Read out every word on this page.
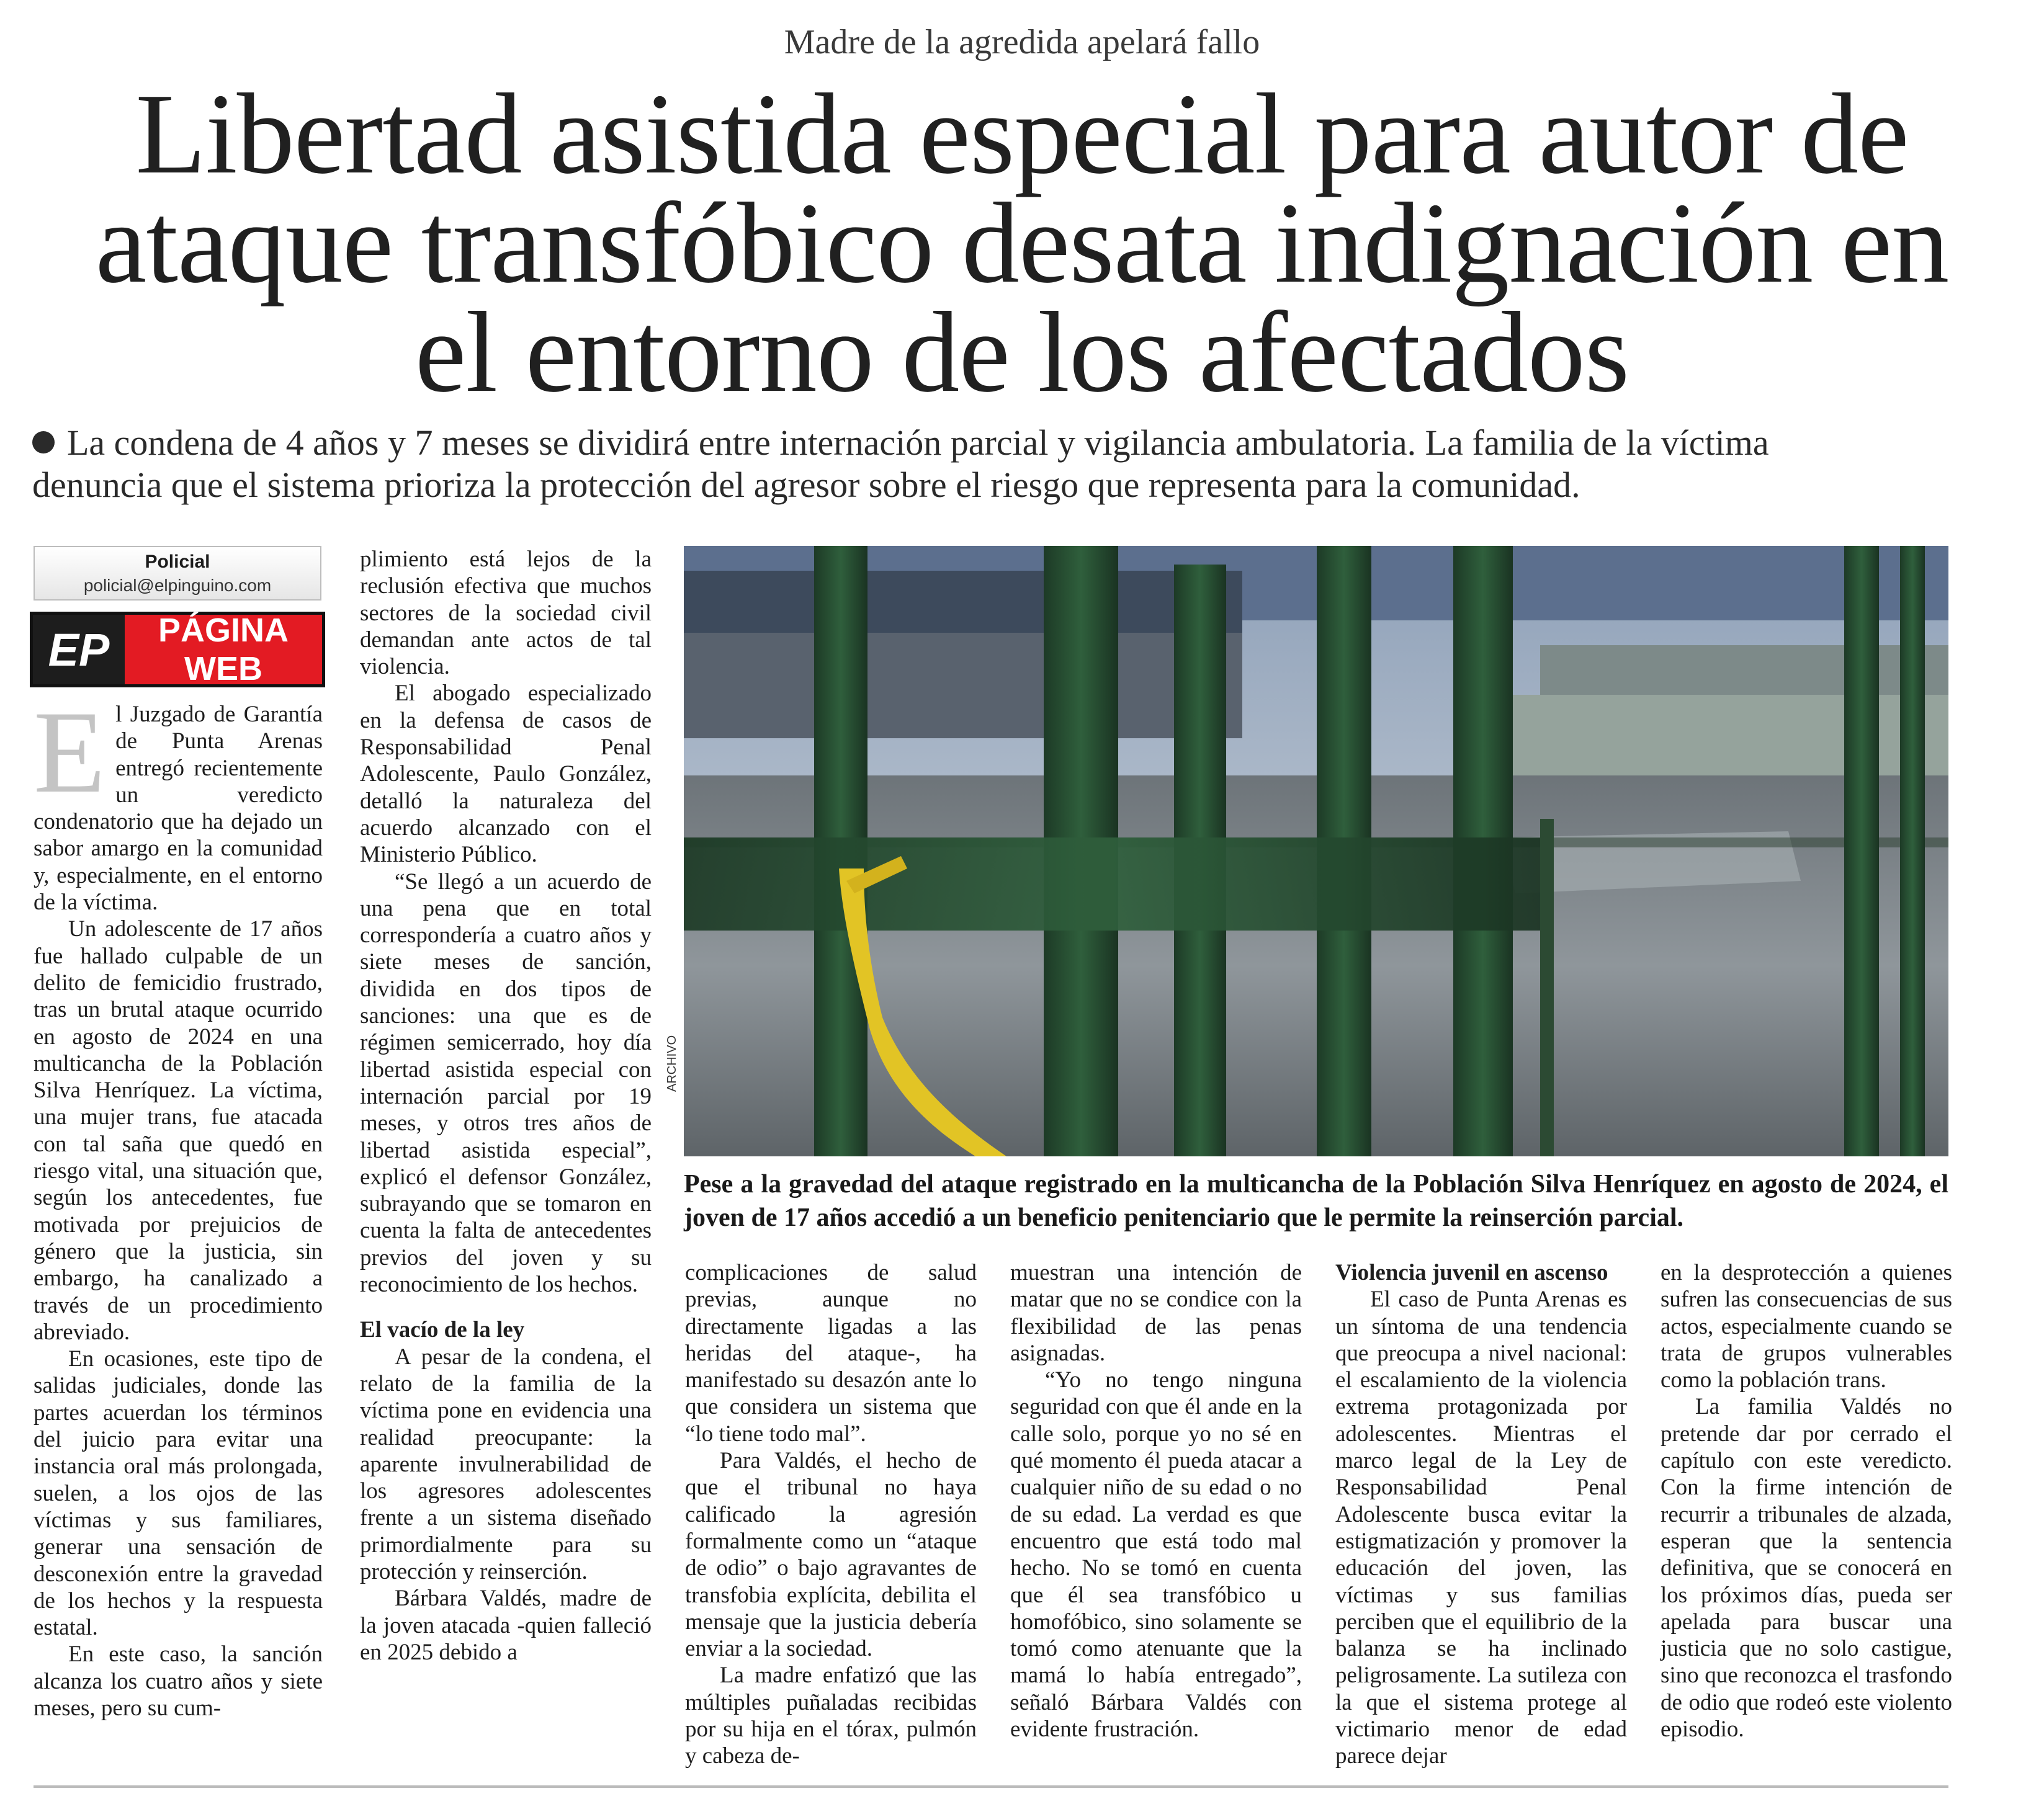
Madre de la agredida apelará fallo
Libertad asistida especial para autor de
ataque transfóbico desata indignación en
el entorno de los afectados
La condena de 4 años y 7 meses se dividirá entre internación parcial y vigilancia ambulatoria. La familia de la víctima
denuncia que el sistema prioriza la protección del agresor sobre el riesgo que representa para la comunidad.
Policial
policial@elpinguino.com
EP	PÁGINA WEB
E l Juzgado de Garantía de Punta Arenas entregó recientemente un veredicto condenatorio que ha dejado un sabor amargo en la comunidad y, especialmente, en el entorno de la víctima.

Un adolescente de 17 años fue hallado culpable de un delito de femicidio frustrado, tras un brutal ataque ocurrido en agosto de 2024 en una multicancha de la Población Silva Henríquez. La víctima, una mujer trans, fue atacada con tal saña que quedó en riesgo vital, una situación que, según los antecedentes, fue motivada por prejuicios de género que la justicia, sin embargo, ha canalizado a través de un procedimiento abreviado.

En ocasiones, este tipo de salidas judiciales, donde las partes acuerdan los términos del juicio para evitar una instancia oral más prolongada, suelen, a los ojos de las víctimas y sus familiares, generar una sensación de desconexión entre la gravedad de los hechos y la respuesta estatal.

En este caso, la sanción alcanza los cuatro años y siete meses, pero su cum-

plimiento está lejos de la reclusión efectiva que muchos sectores de la sociedad civil demandan ante actos de tal violencia.

El abogado especializado en la defensa de casos de Responsabilidad Penal Adolescente, Paulo González, detalló la naturaleza del acuerdo alcanzado con el Ministerio Público.

“Se llegó a un acuerdo de una pena que en total correspondería a cuatro años y siete meses de sanción, dividida en dos tipos de sanciones: una que es de régimen semicerrado, hoy día libertad asistida especial con internación parcial por 19 meses, y otros tres años de libertad asistida especial”, explicó el defensor González, subrayando que se tomaron en cuenta la falta de antecedentes previos del joven y su reconocimiento de los hechos.

El vacío de la ley

A pesar de la condena, el relato de la familia de la víctima pone en evidencia una realidad preocupante: la aparente invulnerabilidad de los agresores adolescentes frente a un sistema diseñado primordialmente para su protección y reinserción.

Bárbara Valdés, madre de la joven atacada -quien falleció en 2025 debido a

ARCHIVO
Pese a la gravedad del ataque registrado en la multicancha de la Población Silva Henríquez en agosto de 2024, el joven de 17 años accedió a un beneficio penitenciario que le permite la reinserción parcial.

complicaciones de salud previas, aunque no directamente ligadas a las heridas del ataque-, ha manifestado su desazón ante lo que considera un sistema que “lo tiene todo mal”.

Para Valdés, el hecho de que el tribunal no haya calificado la agresión formalmente como un “ataque de odio” o bajo agravantes de transfobia explícita, debilita el mensaje que la justicia debería enviar a la sociedad.

La madre enfatizó que las múltiples puñaladas recibidas por su hija en el tórax, pulmón y cabeza de-

muestran una intención de matar que no se condice con la flexibilidad de las penas asignadas.

“Yo no tengo ninguna seguridad con que él ande en la calle solo, porque yo no sé en qué momento él pueda atacar a cualquier niño de su edad o no de su edad. La verdad es que encuentro que está todo mal hecho. No se tomó en cuenta que él sea transfóbico u homofóbico, sino solamente se tomó como atenuante que la mamá lo había entregado”, señaló Bárbara Valdés con evidente frustración.

Violencia juvenil en ascenso

El caso de Punta Arenas es un síntoma de una tendencia que preocupa a nivel nacional: el escalamiento de la violencia extrema protagonizada por adolescentes. Mientras el marco legal de la Ley de Responsabilidad Penal Adolescente busca evitar la estigmatización y promover la educación del joven, las víctimas y sus familias perciben que el equilibrio de la balanza se ha inclinado peligrosamente. La sutileza con la que el sistema protege al victimario menor de edad parece dejar

en la desprotección a quienes sufren las consecuencias de sus actos, especialmente cuando se trata de grupos vulnerables como la población trans.

La familia Valdés no pretende dar por cerrado el capítulo con este veredicto. Con la firme intención de recurrir a tribunales de alzada, esperan que la sentencia definitiva, que se conocerá en los próximos días, pueda ser apelada para buscar una justicia que no solo castigue, sino que reconozca el trasfondo de odio que rodeó este violento episodio.
